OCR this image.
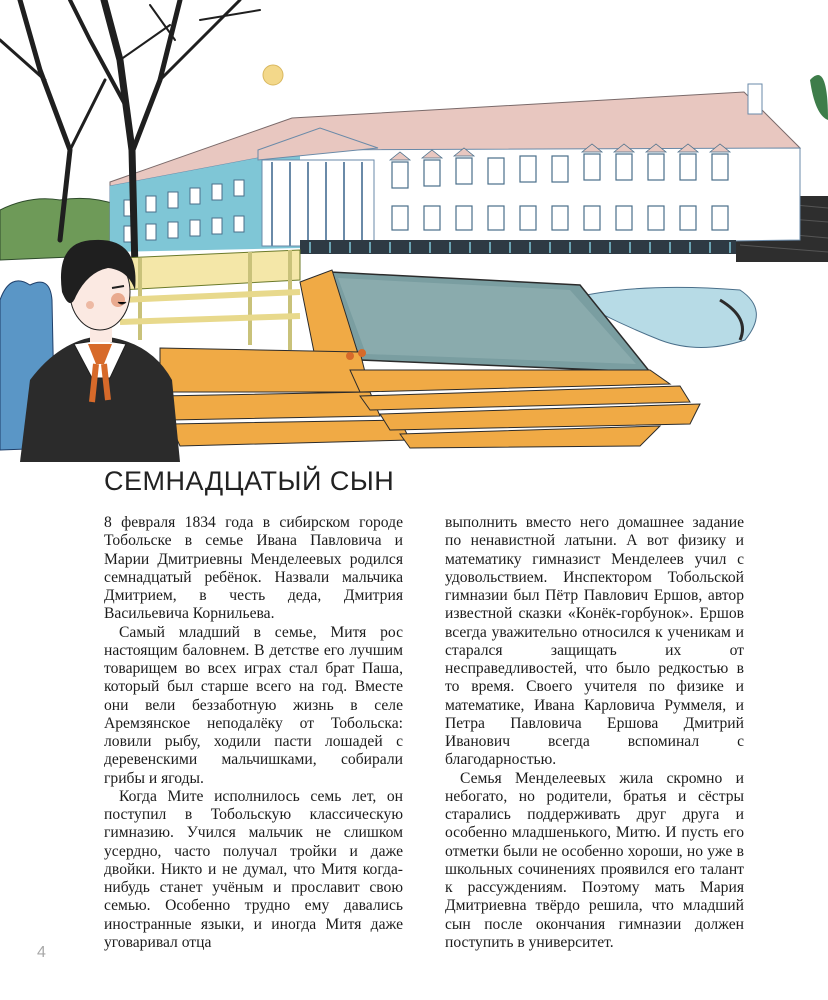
СЕМНАДЦАТЫЙ СЫН

8 февраля 1834 года в сибирском городе Тобольске в семье Ивана Павловича и Марии Дмитриевны Менделеевых родился семнадцатый ребёнок. Назвали мальчика Дмитрием, в честь деда, Дмитрия Васильевича Корнильева.

Самый младший в семье, Митя рос настоящим баловнем. В детстве его лучшим товарищем во всех играх стал брат Паша, который был старше всего на год. Вместе они вели беззаботную жизнь в селе Аремзянское неподалёку от Тобольска: ловили рыбу, ходили пасти лошадей с деревенскими мальчишками, собирали грибы и ягоды.

Когда Мите исполнилось семь лет, он поступил в Тобольскую классическую гимназию. Учился мальчик не слишком усердно, часто получал тройки и даже двойки. Никто и не думал, что Митя когда-нибудь станет учёным и прославит свою семью. Особенно трудно ему давались иностранные языки, и иногда Митя даже уговаривал отца

выполнить вместо него домашнее задание по ненавистной латыни. А вот физику и математику гимназист Менделеев учил с удовольствием. Инспектором Тобольской гимназии был Пётр Павлович Ершов, автор известной сказки «Конёк-горбунок». Ершов всегда уважительно относился к ученикам и старался защищать их от несправедливостей, что было редкостью в то время. Своего учителя по физике и математике, Ивана Карловича Руммеля, и Петра Павловича Ершова Дмитрий Иванович всегда вспоминал с благодарностью.

Семья Менделеевых жила скромно и небогато, но родители, братья и сёстры старались поддерживать друг друга и особенно младшенького, Митю. И пусть его отметки были не особенно хороши, но уже в школьных сочинениях проявился его талант к рассуждениям. Поэтому мать Мария Дмитриевна твёрдо решила, что младший сын после окончания гимназии должен поступить в университет.

4
